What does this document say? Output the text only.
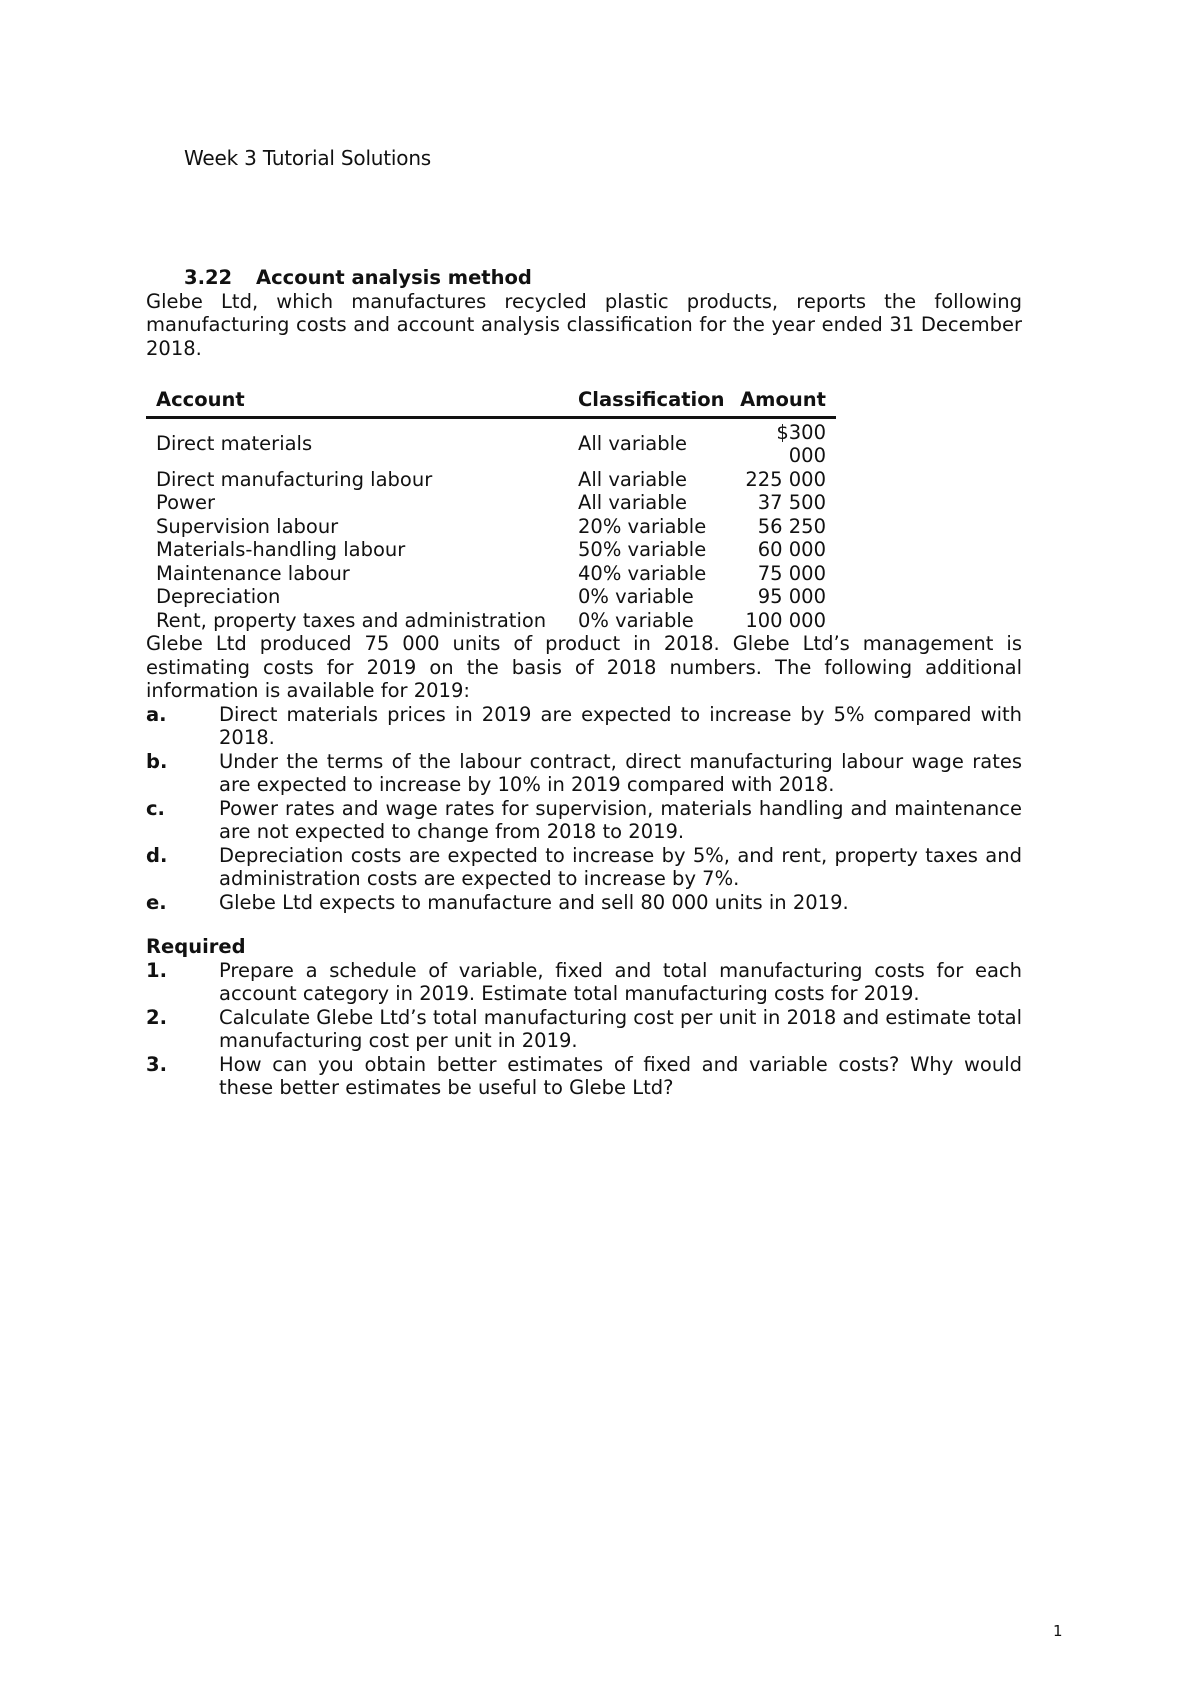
Week 3 Tutorial Solutions
3.22 Account analysis method

Glebe Ltd, which manufactures recycled plastic products, reports the following manufacturing costs and account analysis classification for the year ended 31 December 2018.

Account	Classification	Amount
Direct materials	All variable	$300 000
Direct manufacturing labour	All variable	225 000
Power	All variable	37 500
Supervision labour	20% variable	56 250
Materials-handling labour	50% variable	60 000
Maintenance labour	40% variable	75 000
Depreciation	0% variable	95 000
Rent, property taxes and administration	0% variable	100 000

Glebe Ltd produced 75 000 units of product in 2018. Glebe Ltd’s management is estimating costs for 2019 on the basis of 2018 numbers. The following additional information is available for 2019:

a.	Direct materials prices in 2019 are expected to increase by 5% compared with 2018.
b.	Under the terms of the labour contract, direct manufacturing labour wage rates are expected to increase by 10% in 2019 compared with 2018.
c.	Power rates and wage rates for supervision, materials handling and maintenance are not expected to change from 2018 to 2019.
d.	Depreciation costs are expected to increase by 5%, and rent, property taxes and administration costs are expected to increase by 7%.
e.	Glebe Ltd expects to manufacture and sell 80 000 units in 2019.
Required
1.	Prepare a schedule of variable, fixed and total manufacturing costs for each account category in 2019. Estimate total manufacturing costs for 2019.
2.	Calculate Glebe Ltd’s total manufacturing cost per unit in 2018 and estimate total manufacturing cost per unit in 2019.
3.	How can you obtain better estimates of fixed and variable costs? Why would these better estimates be useful to Glebe Ltd?
1
